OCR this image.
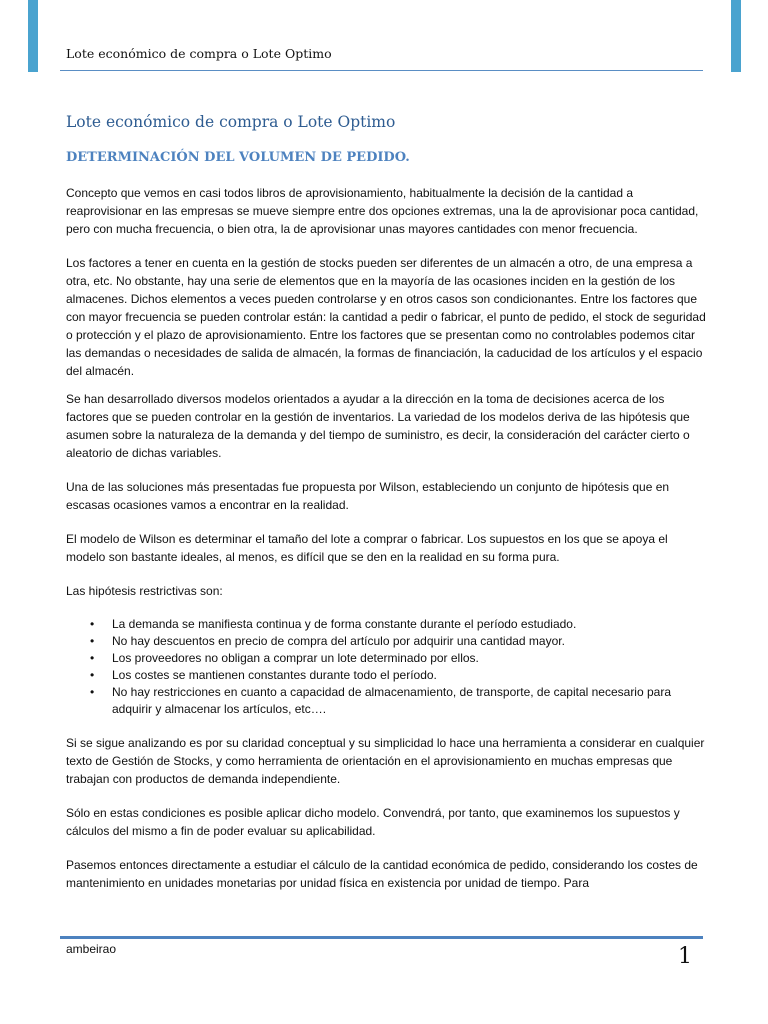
Lote económico de compra o Lote Optimo
Lote económico de compra o Lote Optimo
DETERMINACIÓN DEL VOLUMEN DE PEDIDO.

Concepto que vemos en casi todos libros de aprovisionamiento, habitualmente la decisión de la cantidad a reaprovisionar en las empresas se mueve siempre entre dos opciones extremas, una la de aprovisionar poca cantidad, pero con mucha frecuencia, o bien otra, la de aprovisionar unas mayores cantidades con menor frecuencia.

Los factores a tener en cuenta en la gestión de stocks pueden ser diferentes de un almacén a otro, de una empresa a otra, etc. No obstante, hay una serie de elementos que en la mayoría de las ocasiones inciden en la gestión de los almacenes. Dichos elementos a veces pueden controlarse y en otros casos son condicionantes. Entre los factores que con mayor frecuencia se pueden controlar están: la cantidad a pedir o fabricar, el punto de pedido, el stock de seguridad o protección y el plazo de aprovisionamiento. Entre los factores que se presentan como no controlables podemos citar las demandas o necesidades de salida de almacén, la formas de financiación, la caducidad de los artículos y el espacio del almacén.

Se han desarrollado diversos modelos orientados a ayudar a la dirección en la toma de decisiones acerca de los factores que se pueden controlar en la gestión de inventarios. La variedad de los modelos deriva de las hipótesis que asumen sobre la naturaleza de la demanda y del tiempo de suministro, es decir, la consideración del carácter cierto o aleatorio de dichas variables.

Una de las soluciones más presentadas fue propuesta por Wilson, estableciendo un conjunto de hipótesis que en escasas ocasiones vamos a encontrar en la realidad.

El modelo de Wilson es determinar el tamaño del lote a comprar o fabricar. Los supuestos en los que se apoya el modelo son bastante ideales, al menos, es difícil que se den en la realidad en su forma pura.

Las hipótesis restrictivas son:

• La demanda se manifiesta continua y de forma constante durante el período estudiado.
• No hay descuentos en precio de compra del artículo por adquirir una cantidad mayor.
• Los proveedores no obligan a comprar un lote determinado por ellos.
• Los costes se mantienen constantes durante todo el período.
• No hay restricciones en cuanto a capacidad de almacenamiento, de transporte, de capital necesario para adquirir y almacenar los artículos, etc….

Si se sigue analizando es por su claridad conceptual y su simplicidad lo hace una herramienta a considerar en cualquier texto de Gestión de Stocks, y como herramienta de orientación en el aprovisionamiento en muchas empresas que trabajan con productos de demanda independiente.

Sólo en estas condiciones es posible aplicar dicho modelo. Convendrá, por tanto, que examinemos los supuestos y cálculos del mismo a fin de poder evaluar su aplicabilidad.

Pasemos entonces directamente a estudiar el cálculo de la cantidad económica de pedido, considerando los costes de mantenimiento en unidades monetarias por unidad física en existencia por unidad de tiempo. Para

ambeirao	1
